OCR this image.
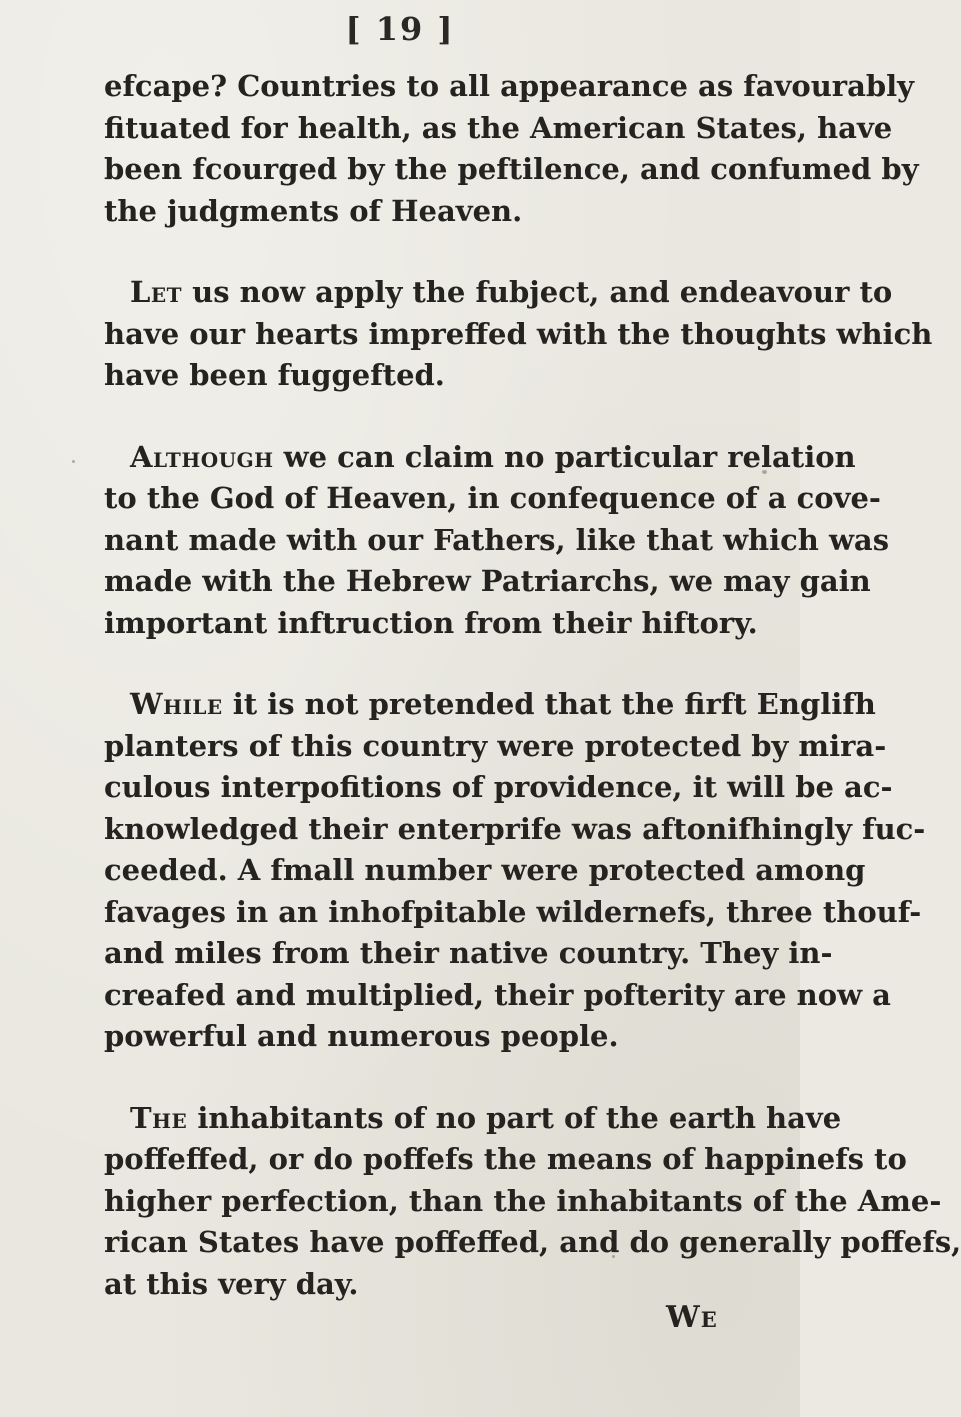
[ 19 ]
efcape? Countries to all appearance as favourably
fituated for health, as the American States, have
been fcourged by the peftilence, and confumed by
the judgments of Heaven.
Let us now apply the fubject, and endeavour to
have our hearts impreffed with the thoughts which
have been fuggefted.
Although we can claim no particular relation
to the God of Heaven, in confequence of a cove-
nant made with our Fathers, like that which was
made with the Hebrew Patriarchs, we may gain
important inftruction from their hiftory.
While it is not pretended that the firft Englifh
planters of this country were protected by mira-
culous interpofitions of providence, it will be ac-
knowledged their enterprife was aftonifhingly fuc-
ceeded. A fmall number were protected among
favages in an inhofpitable wildernefs, three thouf-
and miles from their native country. They in-
creafed and multiplied, their pofterity are now a
powerful and numerous people.
The inhabitants of no part of the earth have
poffeffed, or do poffefs the means of happinefs to
higher perfection, than the inhabitants of the Ame-
rican States have poffeffed, and do generally poffefs,
at this very day.
We
